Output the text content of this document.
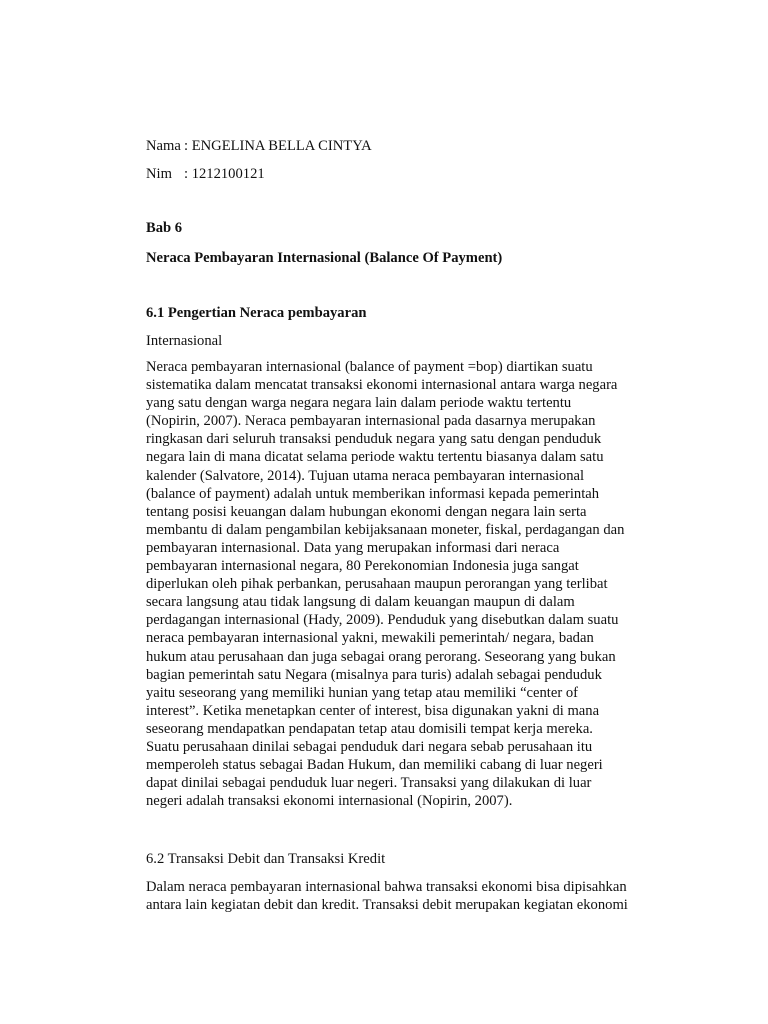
Nama : ENGELINA BELLA CINTYA
Nim : 1212100121
Bab 6
Neraca Pembayaran Internasional (Balance Of Payment)
6.1 Pengertian Neraca pembayaran
Internasional
Neraca pembayaran internasional (balance of payment =bop) diartikan suatu
sistematika dalam mencatat transaksi ekonomi internasional antara warga negara
yang satu dengan warga negara negara lain dalam periode waktu tertentu
(Nopirin, 2007). Neraca pembayaran internasional pada dasarnya merupakan
ringkasan dari seluruh transaksi penduduk negara yang satu dengan penduduk
negara lain di mana dicatat selama periode waktu tertentu biasanya dalam satu
kalender (Salvatore, 2014). Tujuan utama neraca pembayaran internasional
(balance of payment) adalah untuk memberikan informasi kepada pemerintah
tentang posisi keuangan dalam hubungan ekonomi dengan negara lain serta
membantu di dalam pengambilan kebijaksanaan moneter, fiskal, perdagangan dan
pembayaran internasional. Data yang merupakan informasi dari neraca
pembayaran internasional negara, 80 Perekonomian Indonesia juga sangat
diperlukan oleh pihak perbankan, perusahaan maupun perorangan yang terlibat
secara langsung atau tidak langsung di dalam keuangan maupun di dalam
perdagangan internasional (Hady, 2009). Penduduk yang disebutkan dalam suatu
neraca pembayaran internasional yakni, mewakili pemerintah/ negara, badan
hukum atau perusahaan dan juga sebagai orang perorang. Seseorang yang bukan
bagian pemerintah satu Negara (misalnya para turis) adalah sebagai penduduk
yaitu seseorang yang memiliki hunian yang tetap atau memiliki “center of
interest”. Ketika menetapkan center of interest, bisa digunakan yakni di mana
seseorang mendapatkan pendapatan tetap atau domisili tempat kerja mereka.
Suatu perusahaan dinilai sebagai penduduk dari negara sebab perusahaan itu
memperoleh status sebagai Badan Hukum, dan memiliki cabang di luar negeri
dapat dinilai sebagai penduduk luar negeri. Transaksi yang dilakukan di luar
negeri adalah transaksi ekonomi internasional (Nopirin, 2007).
6.2 Transaksi Debit dan Transaksi Kredit
Dalam neraca pembayaran internasional bahwa transaksi ekonomi bisa dipisahkan
antara lain kegiatan debit dan kredit. Transaksi debit merupakan kegiatan ekonomi
